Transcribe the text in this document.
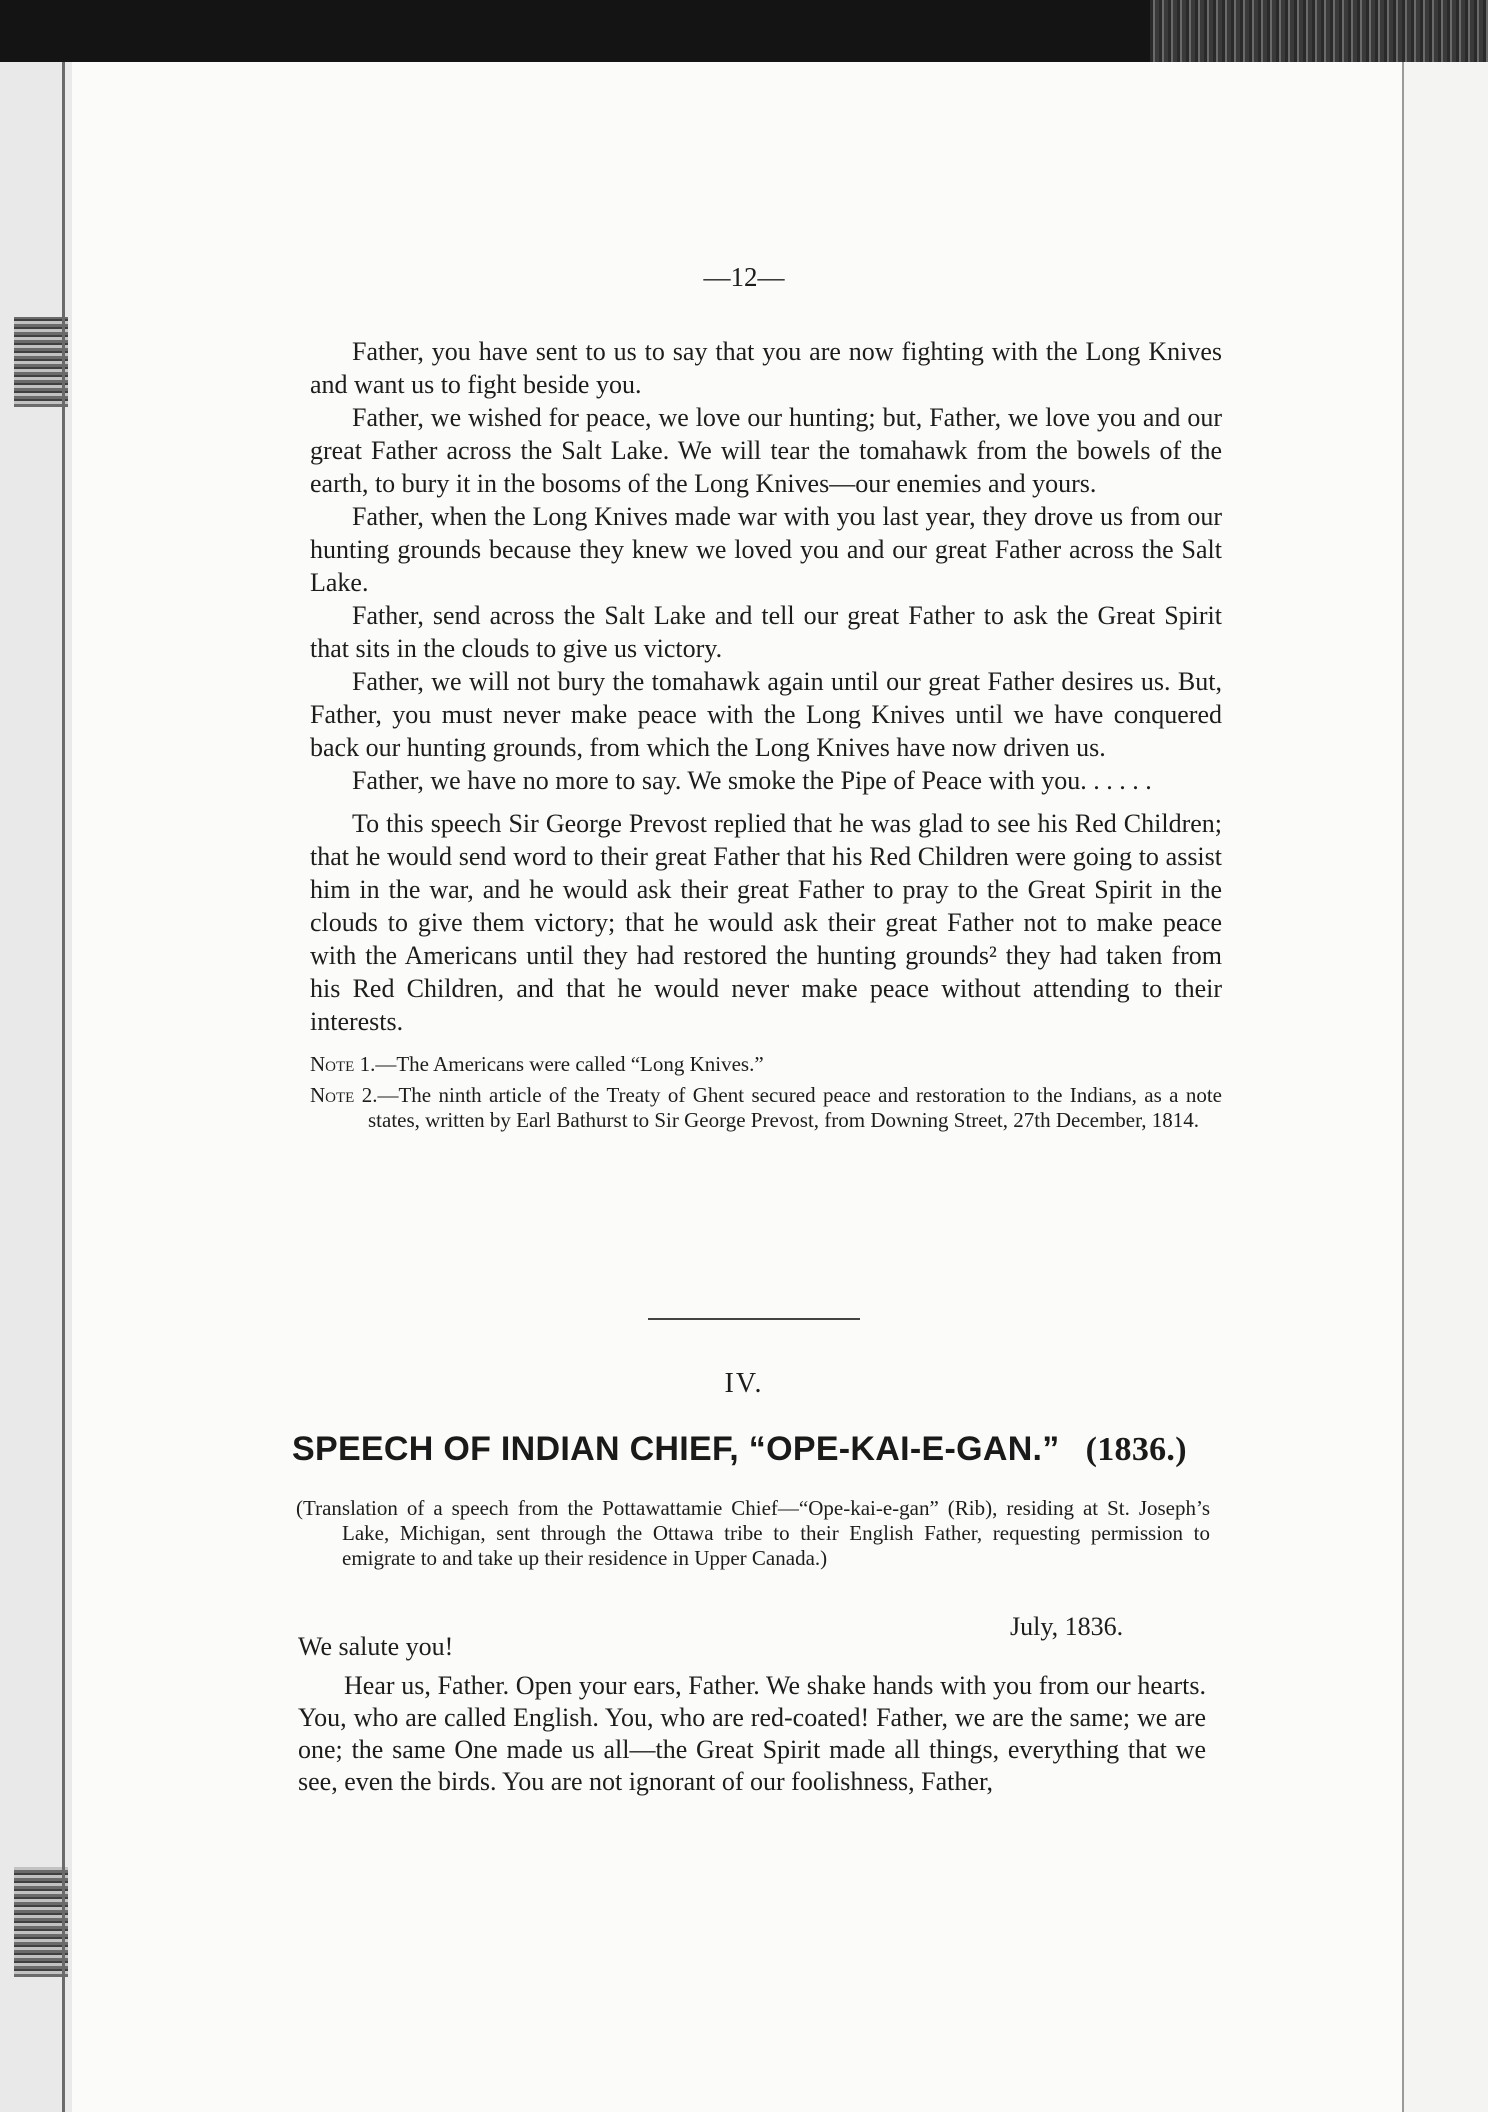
—12—

Father, you have sent to us to say that you are now fighting with the Long Knives and want us to fight beside you.

Father, we wished for peace, we love our hunting; but, Father, we love you and our great Father across the Salt Lake. We will tear the tomahawk from the bowels of the earth, to bury it in the bosoms of the Long Knives—our enemies and yours.

Father, when the Long Knives made war with you last year, they drove us from our hunting grounds because they knew we loved you and our great Father across the Salt Lake.

Father, send across the Salt Lake and tell our great Father to ask the Great Spirit that sits in the clouds to give us victory.

Father, we will not bury the tomahawk again until our great Father desires us. But, Father, you must never make peace with the Long Knives until we have conquered back our hunting grounds, from which the Long Knives have now driven us.

Father, we have no more to say. We smoke the Pipe of Peace with you. . . . . .

To this speech Sir George Prevost replied that he was glad to see his Red Children; that he would send word to their great Father that his Red Children were going to assist him in the war, and he would ask their great Father to pray to the Great Spirit in the clouds to give them victory; that he would ask their great Father not to make peace with the Americans until they had restored the hunting grounds² they had taken from his Red Children, and that he would never make peace without attending to their interests.

Note 1.—The Americans were called “Long Knives.”

Note 2.—The ninth article of the Treaty of Ghent secured peace and restoration to the Indians, as a note states, written by Earl Bathurst to Sir George Prevost, from Downing Street, 27th December, 1814.

IV.
SPEECH OF INDIAN CHIEF, “OPE-KAI-E-GAN.” (1836.)

(Translation of a speech from the Pottawattamie Chief—“Ope-kai-e-gan” (Rib), residing at St. Joseph’s Lake, Michigan, sent through the Ottawa tribe to their English Father, requesting permission to emigrate to and take up their residence in Upper Canada.)

July, 1836.
We salute you!

Hear us, Father. Open your ears, Father. We shake hands with you from our hearts. You, who are called English. You, who are red-coated! Father, we are the same; we are one; the same One made us all—the Great Spirit made all things, everything that we see, even the birds. You are not ignorant of our foolishness, Father,
